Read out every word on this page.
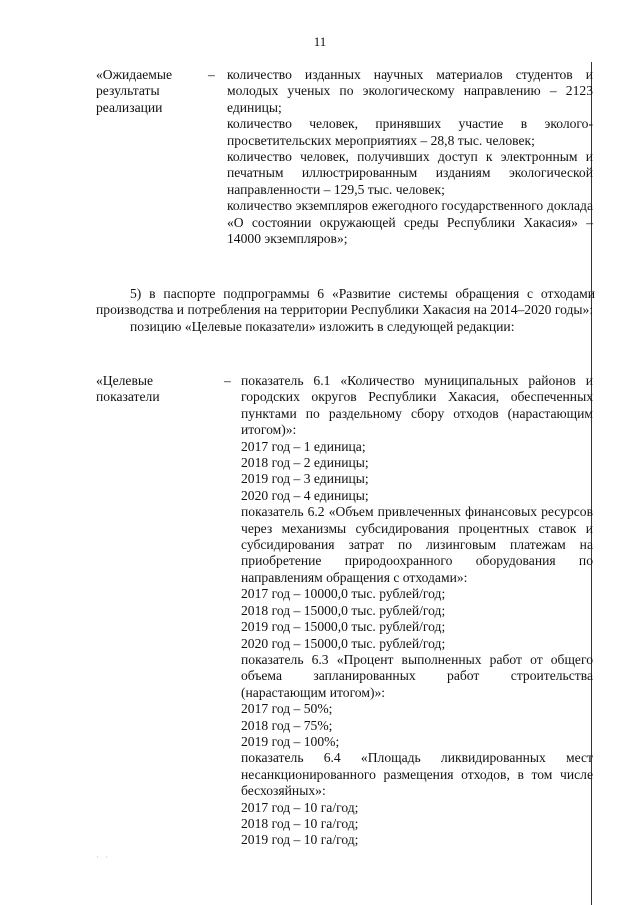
11
«Ожидаемые
результаты
реализации
– количество изданных научных материалов студентов и молодых ученых по экологическому направлению – 2123 единицы;

количество человек, принявших участие в эколого-просветительских мероприятиях – 28,8 тыс. человек;

количество человек, получивших доступ к электронным и печатным иллюстрированным изданиям экологической направленности – 129,5 тыс. человек;

количество экземпляров ежегодного государственного доклада «О состоянии окружающей среды Республики Хакасия» – 14000 экземпляров»;

5) в паспорте подпрограммы 6 «Развитие системы обращения с отходами производства и потребления на территории Республики Хакасия на 2014–2020 годы»:

позицию «Целевые показатели» изложить в следующей редакции:

«Целевые
показатели
– показатель 6.1 «Количество муниципальных районов и городских округов Республики Хакасия, обеспеченных пунктами по раздельному сбору отходов (нарастающим итогом)»:

2017 год – 1 единица;

2018 год – 2 единицы;

2019 год – 3 единицы;

2020 год – 4 единицы;

показатель 6.2 «Объем привлеченных финансовых ресурсов через механизмы субсидирования процентных ставок и субсидирования затрат по лизинговым платежам на приобретение природоохранного оборудования по направлениям обращения с отходами»:

2017 год – 10000,0 тыс. рублей/год;

2018 год – 15000,0 тыс. рублей/год;

2019 год – 15000,0 тыс. рублей/год;

2020 год – 15000,0 тыс. рублей/год;

показатель 6.3 «Процент выполненных работ от общего объема запланированных работ строительства (нарастающим итогом)»:

2017 год – 50%;

2018 год – 75%;

2019 год – 100%;

показатель 6.4 «Площадь ликвидированных мест несанкционированного размещения отходов, в том числе бесхозяйных»:

2017 год – 10 га/год;

2018 год – 10 га/год;

2019 год – 10 га/год;

· ·
